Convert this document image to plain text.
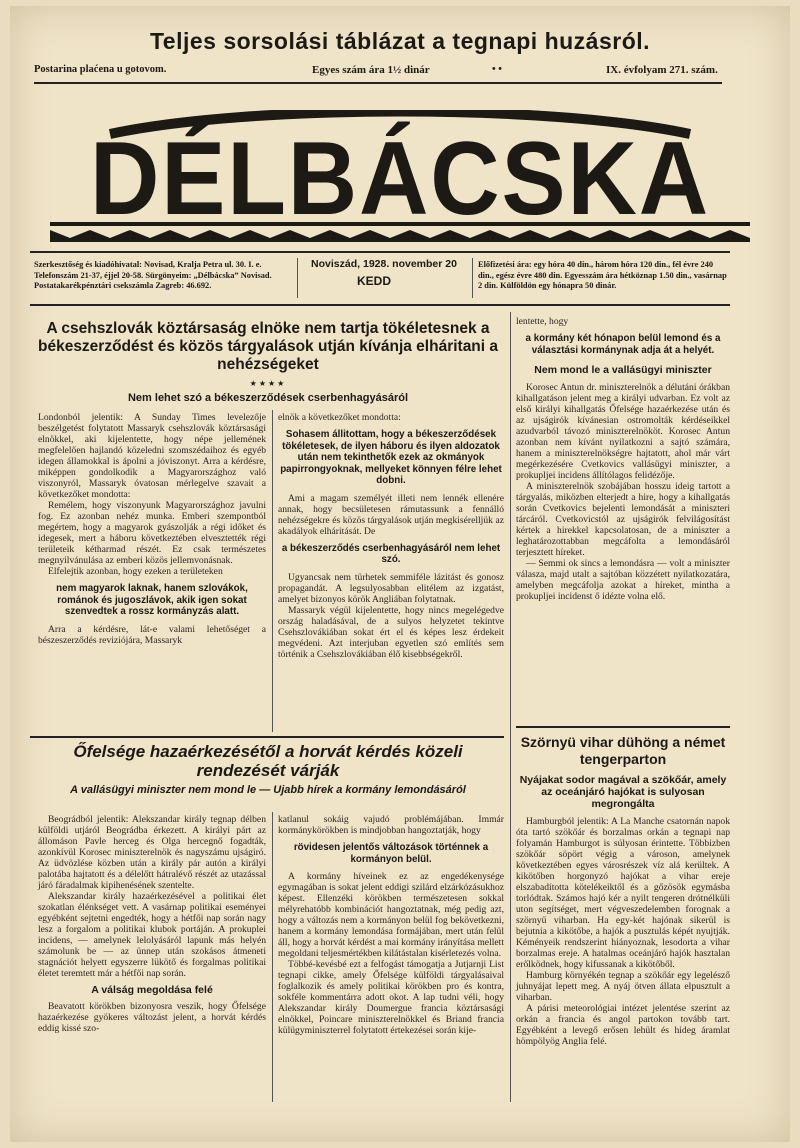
Teljes sorsolási táblázat a tegnapi huzásról.
Postarina plaćena u gotovom.	Egyes szám ára 1½ dinár	• •	IX. évfolyam 271. szám.
DÉLBÁCSKA
Szerkesztőség és kiadóhivatal: Novisad, Kralja Petra ul. 30. I. e. Telefonszám 21-37, éjjel 20-58. Sürgönyeim: „Délbácska” Novisad. Postatakarékpénztári csekszámla Zagreb: 46.692.
Noviszád, 1928. november 20
KEDD
Előfizetési ára: egy hóra 40 din., három hóra 120 din., fél évre 240 din., egész évre 480 din. Egyesszám ára hétköznap 1.50 din., vasárnap 2 din. Külföldön egy hónapra 50 dinár.
A csehszlovák köztársaság elnöke nem tartja tökéletesnek a békeszerződést és közös tárgyalások utján kívánja elháritani a nehézségeket
★★★★
Nem lehet szó a békeszerződések cserbenhagyásáról
Londonból jelentik: A Sunday Times levelezője beszélgetést folytatott Massaryk csehszlovák köztársasági elnökkel, aki kijelentette, hogy népe jellemének megfelelően hajlandó közeledni szomszédaihoz és egyéb idegen államokkal is ápolni a jóviszonyt. Arra a kérdésre, miképpen gondolkodik a Magyarországhoz való viszonyról, Massaryk óvatosan mérlegelve szavait a következőket mondotta:
Remélem, hogy viszonyunk Magyarországhoz javulni fog. Ez azonban nehéz munka. Emberi szempontból megértem, hogy a magyarok gyászolják a régi időket és idegesek, mert a háboru következtében elvesztették régi területeik kétharmad részét. Ez csak természetes megnyilvánulása az emberi közös jellemvonásnak.
Elfelejtik azonban, hogy ezeken a területeken
nem magyarok laknak, hanem szlovákok, románok és jugoszlávok, akik igen sokat szenvedtek a rossz kormányzás alatt.
Arra a kérdésre, lát-e valami lehetőséget a bészeszerződés reviziójára, Massaryk
elnök a következőket mondotta:
Sohasem állitottam, hogy a békeszerződések tökéletesek, de ilyen háboru és ilyen aldozatok után nem tekinthetők ezek az okmányok papirrongyoknak, mellyeket könnyen félre lehet dobni.
Ami a magam személyét illeti nem lennék ellenére annak, hogy becsületesen rámutassunk a fennálló nehézségekre és közös tárgyalások utján megkisérelljük az akadályok elháritását. De
a békeszerződés cserbenhagyásáról nem lehet szó.
Ugyancsak nem türhetek semmiféle lázitást és gonosz propagandát. A legsulyosabban elitélem az izgatást, amelyet bizonyos körök Angliában folytatnak.
Massaryk végül kijelentette, hogy nincs megelégedve ország haladásával, de a sulyos helyzetet tekintve Csehszlovákiában sokat ért el és képes lesz érdekeit megvédeni. Azt interjuban egyetlen szó említés sem történik a Csehszlovákiában élő kisebbségekről.
lentette, hogy
a kormány két hónapon belül lemond és a választási kormánynak adja át a helyét.
Nem mond le a vallásügyi miniszter
Korosec Antun dr. miniszterelnök a délutáni órákban kihallgatáson jelent meg a királyi udvarban. Ez volt az első királyi kihallgatás Őfelsége hazaérkezése után és az ujságirók kívánesian ostromolták kérdéseikkel azudvarból távozó miniszterelnököt. Korosec Antun azonban nem kívánt nyilatkozni a sajtó számára, hanem a miniszterelnökségre hajtatott, ahol már várt megérkezésére Cvetkovics vallásügyi miniszter, a prokupljei incidens állítólagos felidézője.
A miniszterelnök szobájában hosszu ideig tartott a tárgyalás, miközben elterjedt a hire, hogy a kihallgatás során Cvetkovics bejelenti lemondását a miniszteri tárcáról. Cvetkovicstól az ujságirók felvilágosítást kértek a hirekkel kapcsolatosan, de a miniszter a leghatározottabban megcáfolta a lemondásáról terjesztett híreket.
— Semmi ok sincs a lemondásra — volt a miniszter válasza, majd utalt a sajtóban közzétett nyilatkozatára, amelyben megcáfolja azokat a híreket, mintha a prokupljei incidenst ő idézte volna elő.
Szörnyü vihar dühöng a német tengerparton
Nyájakat sodor magával a szökőár, amely az oceánjáró hajókat is sulyosan megrongálta
Hamburgból jelentik: A La Manche csatornán napok óta tartó szökőár és borzalmas orkán a tegnapi nap folyamán Hamburgot is súlyosan érintette. Többizben szökőár söpört végig a városon, amelynek következtében egyes városrészek víz alá kerültek. A kikötőben horgonyzó hajókat a vihar ereje elszabadította kötelékeiktől és a gőzösök egymásba torlódtak. Számos hajó kér a nyilt tengeren drótnélküli uton segítséget, mert végveszedelemben forognak a szörnyű viharban. Ha egy-két hajónak sikerül is bejutnia a kikötőbe, a hajók a pusztulás képét nyujtják. Kéményeik rendszerint hiányoznak, lesodorta a vihar borzalmas ereje. A hatalmas oceánjáró hajók hasztalan erőlködnek, hogy kifussanak a kikötőből.
Hamburg környékén tegnap a szökőár egy legelésző juhnyájat lepett meg. A nyáj ötven állata elpusztult a viharban.
A párisi meteorológiai intézet jelentése szerint az orkán a francia és angol partokon tovább tart. Egyébként a levegő erősen lehült és hideg áramlat hömpölyög Anglia felé.
Őfelsége hazaérkezésétől a horvát kérdés közeli rendezését várják
A vallásügyi miniszter nem mond le — Ujabb hírek a kormány lemondásáról
Beográdból jelentik: Alekszandar király tegnap délben külföldi utjáról Beográdba érkezett. A királyi párt az állomáson Pavle herceg és Olga hercegnő fogadták, azonkívül Korosec miniszterelnök és nagyszámu ujságiró. Az üdvözlése közben után a király pár autón a királyi palotába hajtatott és a délelőtt hátralévő részét az utazással járó fáradalmak kipihenésének szentelte.
Alekszandar király hazaérkezésével a politikai élet szokatlan élénkséget vett. A vasárnap politikai eseményei egyébként sejtetni engedték, hogy a hétfői nap során nagy lesz a forgalom a politikai klubok portáján. A prokuplei incidens, — amelynek lelolyásáról lapunk más helyén számolunk be — az ünnep után szokásos átmeneti stagnációt helyett egyszerre lükötő és forgalmas politikai életet teremtett már a hétfői nap során.
A válság megoldása felé
Beavatott körökben bizonyosra veszik, hogy Őfelsége hazaérkezése gyökeres változást jelent, a horvát kérdés eddig kissé szo-
katlanul sokáig vajudó problémájában. Immár kormánykörökben is mindjobban hangoztatják, hogy
rövidesen jelentős változások történnek a kormányon belül.
A kormány híveinek ez az engedékenysége egymagában is sokat jelent eddigi szilárd elzárkózásukhoz képest. Ellenzéki körökben természetesen sokkal mélyrehatóbb kombinációt hangoztatnak, még pedig azt, hogy a változás nem a kormányon belül fog bekövetkezni, hanem a kormány lemondása formájában, mert után felül áll, hogy a horvát kérdést a mai kormány irányítása mellett megoldani teljesmértékben kilátástalan kisérletezés volna.
Többé-kevésbé ezt a felfogást támogatja a Jutjarnji List tegnapi cikke, amely Őfelsége külföldi tárgyalásaival foglalkozik és amely politikai körökben pro és kontra, sokféle kommentárra adott okot. A lap tudni véli, hogy Alekszandar király Doumergue francia köztársasági elnökkel, Poincare miniszterelnökkel és Briand francia külügyminiszterrel folytatott értekezései során kije-
